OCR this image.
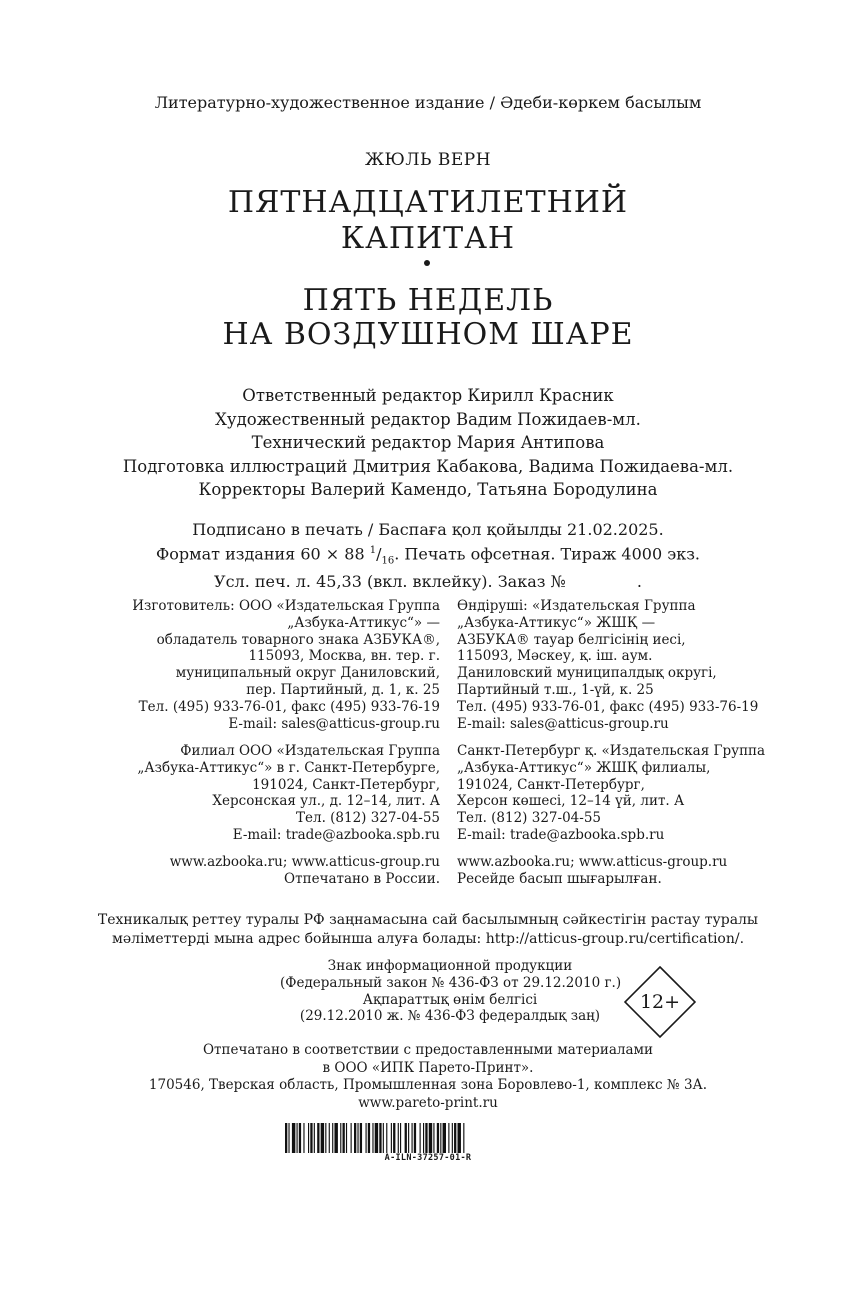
Литературно-художественное издание / Әдеби-көркем басылым
ЖЮЛЬ ВЕРН
ПЯТНАДЦАТИЛЕТНИЙ
КАПИТАН
ПЯТЬ НЕДЕЛЬ
НА ВОЗДУШНОМ ШАРЕ
Ответственный редактор Кирилл Красник
Художественный редактор Вадим Пожидаев-мл.
Технический редактор Мария Антипова
Подготовка иллюстраций Дмитрия Кабакова, Вадима Пожидаева-мл.
Корректоры Валерий Камендо, Татьяна Бородулина
Подписано в печать / Баспаға қол қойылды 21.02.2025.
Формат издания 60 × 88 $^1/_{16}$. Печать офсетная. Тираж 4000 экз.
Усл. печ. л. 45,33 (вкл. вклейку). Заказ №              .
Изготовитель: ООО «Издательская Группа
„Азбука-Аттикус“» —
обладатель товарного знака АЗБУКА®,
115093, Москва, вн. тер. г.
муниципальный округ Даниловский,
пер. Партийный, д. 1, к. 25
Тел. (495) 933-76-01, факс (495) 933-76-19
E-mail: sales@atticus-group.ru
Өндіруші: «Издательская Группа
„Азбука-Аттикус“» ЖШҚ —
АЗБУКА® тауар белгісінің иесі,
115093, Мәскеу, қ. іш. аум.
Даниловский муниципалдық округі,
Партийный т.ш., 1-үй, к. 25
Тел. (495) 933-76-01, факс (495) 933-76-19
E-mail: sales@atticus-group.ru
Филиал ООО «Издательская Группа
„Азбука-Аттикус“» в г. Санкт-Петербурге,
191024, Санкт-Петербург,
Херсонская ул., д. 12–14, лит. А
Тел. (812) 327-04-55
E-mail: trade@azbooka.spb.ru
Санкт-Петербург қ. «Издательская Группа
„Азбука-Аттикус“» ЖШҚ филиалы,
191024, Санкт-Петербург,
Херсон көшесі, 12–14 үй, лит. А
Тел. (812) 327-04-55
E-mail: trade@azbooka.spb.ru
www.azbooka.ru; www.atticus-group.ru
Отпечатано в России.
www.azbooka.ru; www.atticus-group.ru
Ресейде басып шығарылған.
Техникалық реттеу туралы РФ заңнамасына сай басылымның сәйкестігін растау туралы
мәліметтерді мына адрес бойынша алуға болады: http://atticus-group.ru/certification/.
Знак информационной продукции
(Федеральный закон № 436-ФЗ от 29.12.2010 г.)
Ақпараттық өнім белгісі
(29.12.2010 ж. № 436-ФЗ федералдық заң)
12+
Отпечатано в соответствии с предоставленными материалами
в ООО «ИПК Парето-Принт».
170546, Тверская область, Промышленная зона Боровлево-1, комплекс № 3А.
www.pareto-print.ru
A-ILN-37257-01-R
